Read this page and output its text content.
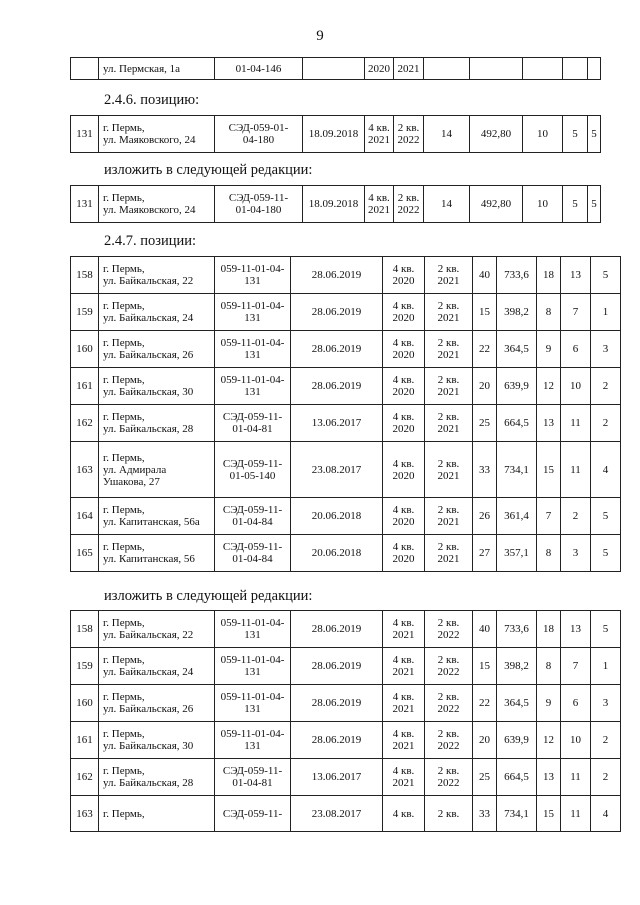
9
	ул. Пермская, 1а	01-04-146		2020	2021					
2.4.6. позицию:
131	г. Пермь,
ул. Маяковского, 24	СЭД-059-01-
04-180	18.09.2018	4 кв.
2021	2 кв.
2022	14	492,80	10	5	5
изложить в следующей редакции:
131	г. Пермь,
ул. Маяковского, 24	СЭД-059-11-
01-04-180	18.09.2018	4 кв.
2021	2 кв.
2022	14	492,80	10	5	5
2.4.7. позиции:
158	г. Пермь,
ул. Байкальская, 22	059-11-01-04-
131	28.06.2019	4 кв.
2020	2 кв.
2021	40	733,6	18	13	5
159	г. Пермь,
ул. Байкальская, 24	059-11-01-04-
131	28.06.2019	4 кв.
2020	2 кв.
2021	15	398,2	8	7	1
160	г. Пермь,
ул. Байкальская, 26	059-11-01-04-
131	28.06.2019	4 кв.
2020	2 кв.
2021	22	364,5	9	6	3
161	г. Пермь,
ул. Байкальская, 30	059-11-01-04-
131	28.06.2019	4 кв.
2020	2 кв.
2021	20	639,9	12	10	2
162	г. Пермь,
ул. Байкальская, 28	СЭД-059-11-
01-04-81	13.06.2017	4 кв.
2020	2 кв.
2021	25	664,5	13	11	2
163	г. Пермь,
ул. Адмирала
Ушакова, 27	СЭД-059-11-
01-05-140	23.08.2017	4 кв.
2020	2 кв.
2021	33	734,1	15	11	4
164	г. Пермь,
ул. Капитанская, 56а	СЭД-059-11-
01-04-84	20.06.2018	4 кв.
2020	2 кв.
2021	26	361,4	7	2	5
165	г. Пермь,
ул. Капитанская, 56	СЭД-059-11-
01-04-84	20.06.2018	4 кв.
2020	2 кв.
2021	27	357,1	8	3	5
изложить в следующей редакции:
158	г. Пермь,
ул. Байкальская, 22	059-11-01-04-
131	28.06.2019	4 кв.
2021	2 кв.
2022	40	733,6	18	13	5
159	г. Пермь,
ул. Байкальская, 24	059-11-01-04-
131	28.06.2019	4 кв.
2021	2 кв.
2022	15	398,2	8	7	1
160	г. Пермь,
ул. Байкальская, 26	059-11-01-04-
131	28.06.2019	4 кв.
2021	2 кв.
2022	22	364,5	9	6	3
161	г. Пермь,
ул. Байкальская, 30	059-11-01-04-
131	28.06.2019	4 кв.
2021	2 кв.
2022	20	639,9	12	10	2
162	г. Пермь,
ул. Байкальская, 28	СЭД-059-11-
01-04-81	13.06.2017	4 кв.
2021	2 кв.
2022	25	664,5	13	11	2
163	г. Пермь,	СЭД-059-11-	23.08.2017	4 кв.	2 кв.	33	734,1	15	11	4
